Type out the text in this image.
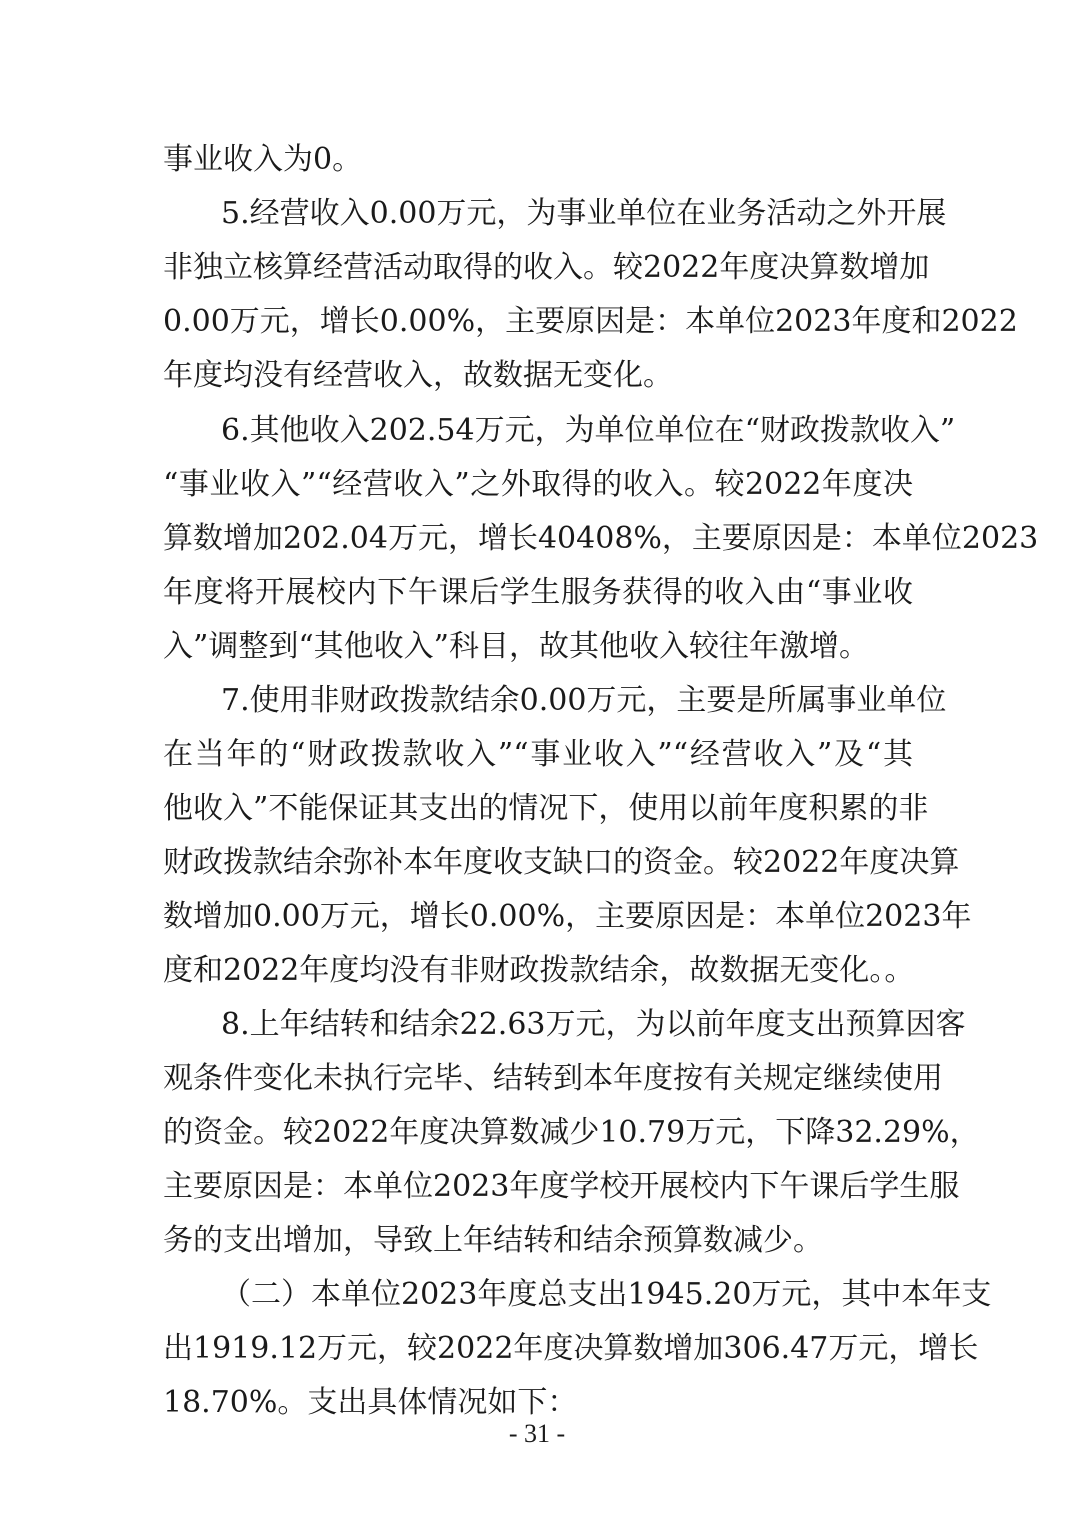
事业收入为0。
5.经营收入0.00万元，为事业单位在业务活动之外开展
非独立核算经营活动取得的收入。较2022年度决算数增加
0.00万元，增长0.00%，主要原因是：本单位2023年度和2022
年度均没有经营收入，故数据无变化。
6.其他收入202.54万元，为单位单位在“财政拨款收入”
“事业收入”“经营收入”之外取得的收入。较2022年度决
算数增加202.04万元，增长40408%，主要原因是：本单位2023
年度将开展校内下午课后学生服务获得的收入由“事业收
入”调整到“其他收入”科目，故其他收入较往年激增。
7.使用非财政拨款结余0.00万元，主要是所属事业单位
在当年的“财政拨款收入”“事业收入”“经营收入”及“其
他收入”不能保证其支出的情况下，使用以前年度积累的非
财政拨款结余弥补本年度收支缺口的资金。较2022年度决算
数增加0.00万元，增长0.00%，主要原因是：本单位2023年
度和2022年度均没有非财政拨款结余，故数据无变化。。
8.上年结转和结余22.63万元，为以前年度支出预算因客
观条件变化未执行完毕、结转到本年度按有关规定继续使用
的资金。较2022年度决算数减少10.79万元，下降32.29%，
主要原因是：本单位2023年度学校开展校内下午课后学生服
务的支出增加，导致上年结转和结余预算数减少。
（二）本单位2023年度总支出1945.20万元，其中本年支
出1919.12万元，较2022年度决算数增加306.47万元，增长
18.70%。支出具体情况如下：
- 31 -
